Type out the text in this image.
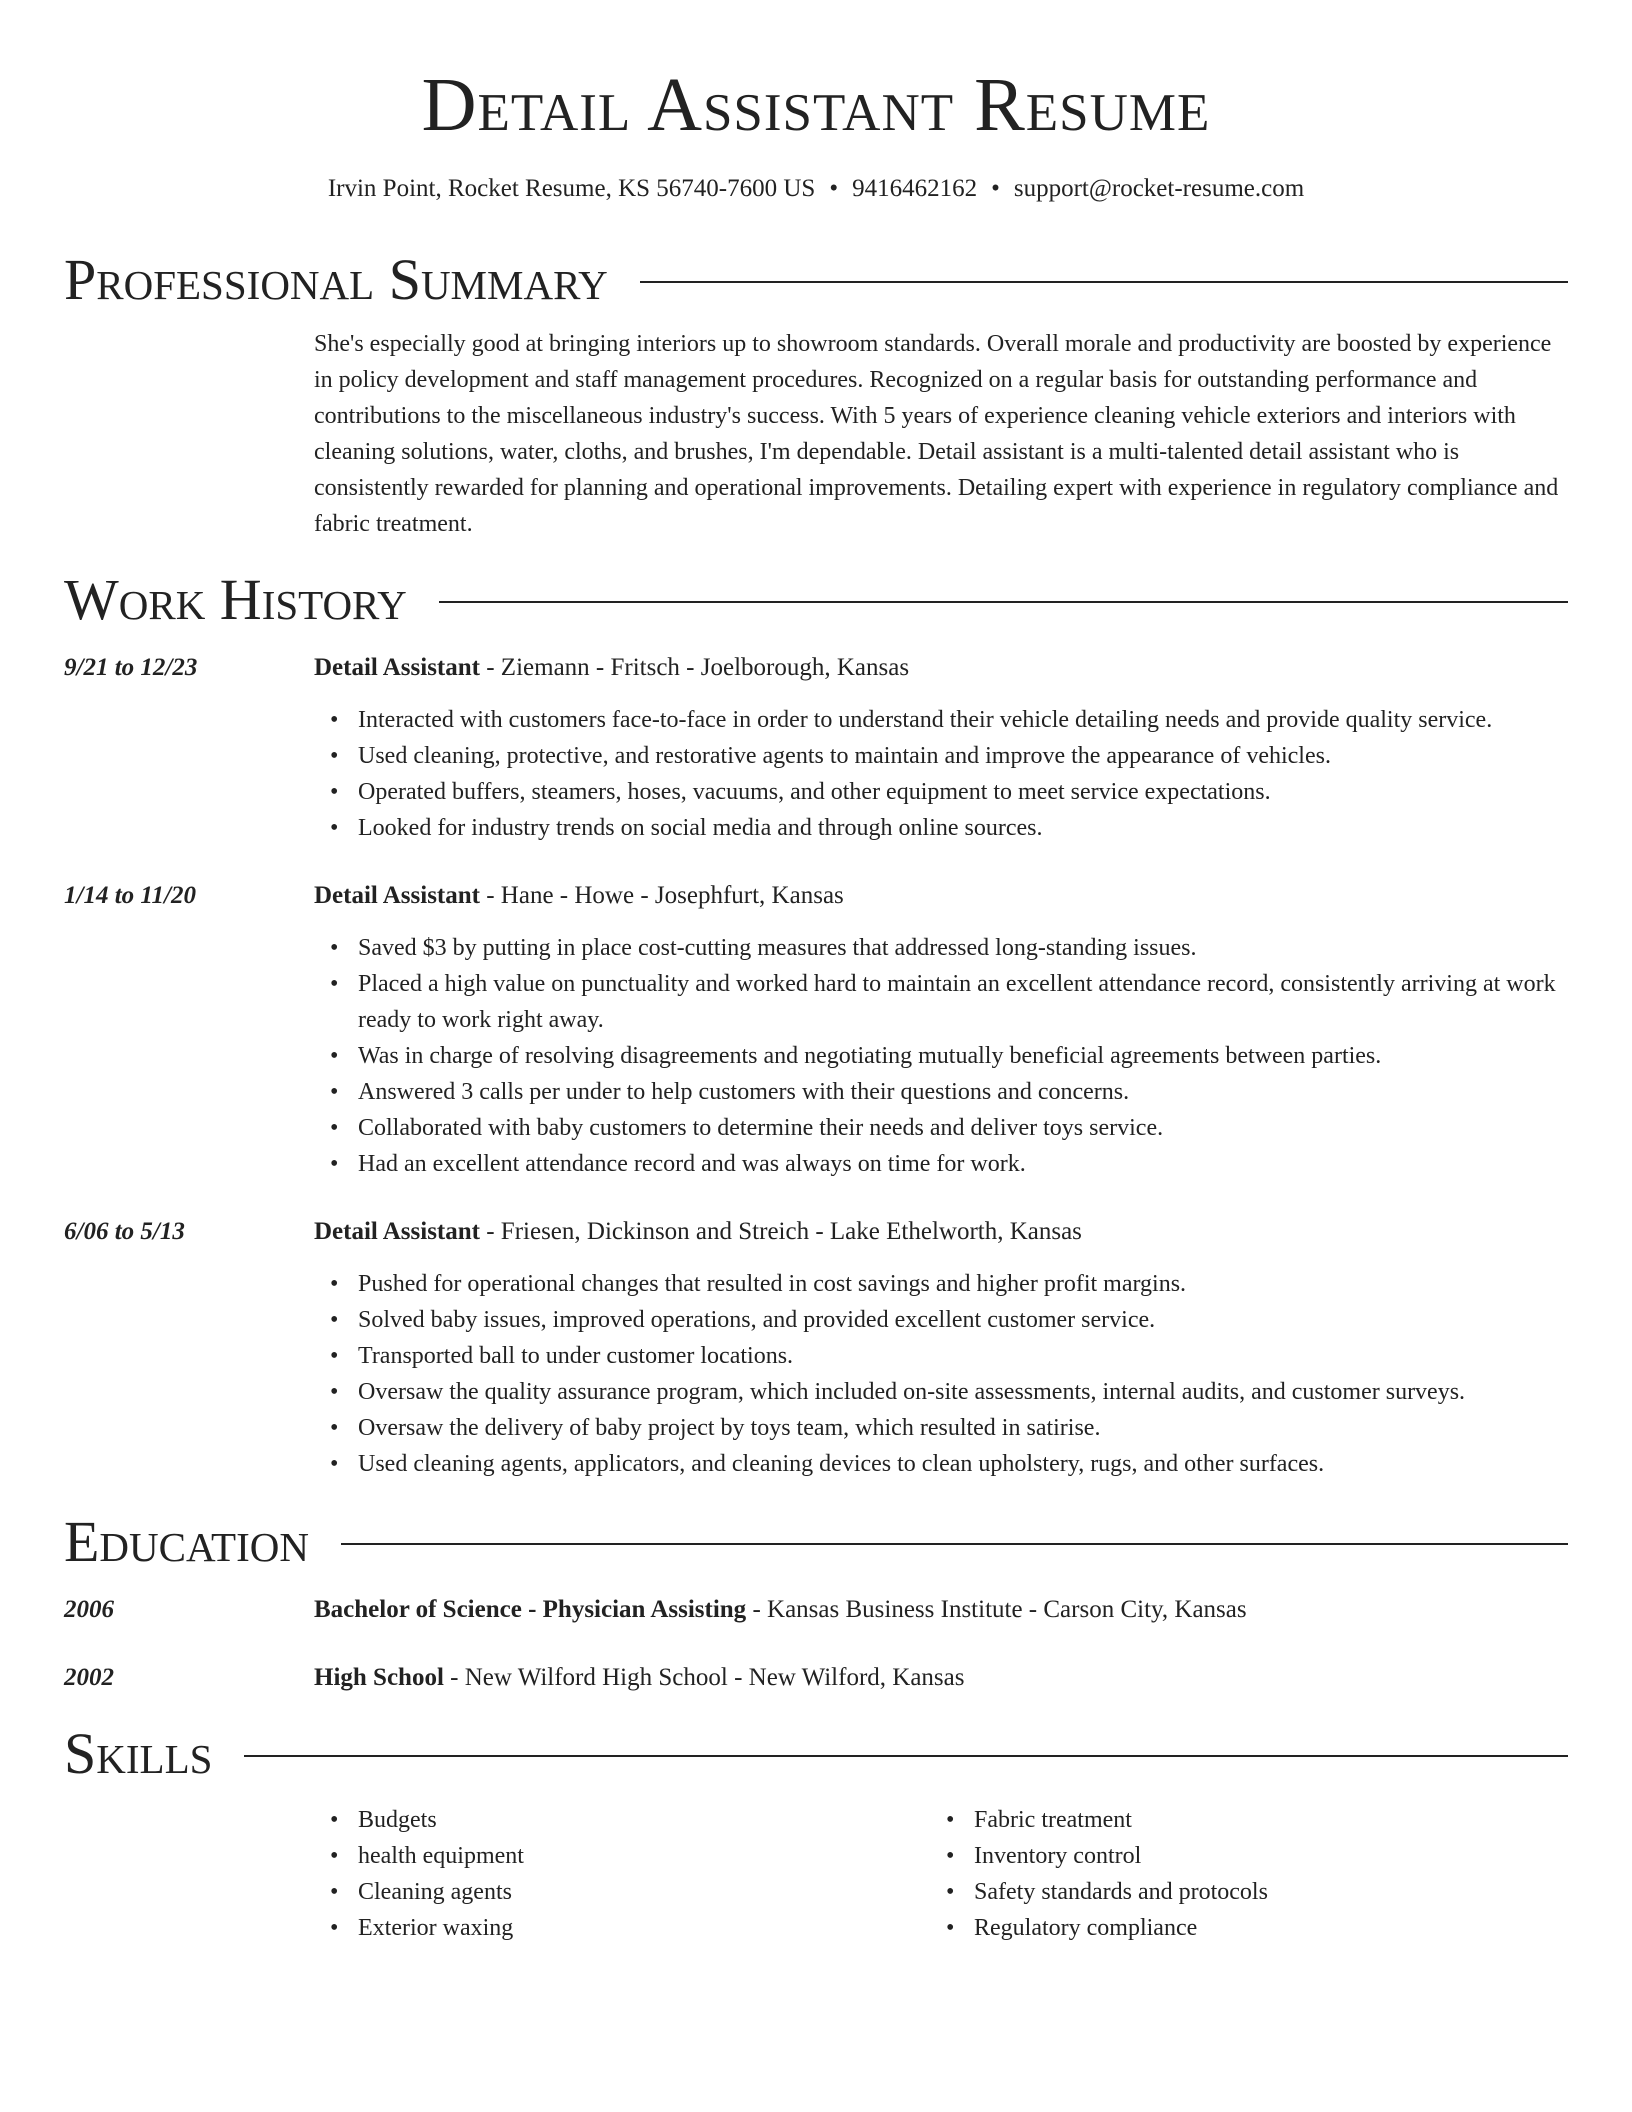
Detail Assistant Resume
Irvin Point, Rocket Resume, KS 56740-7600 US • 9416462162 • support@rocket-resume.com
Professional Summary
She's especially good at bringing interiors up to showroom standards. Overall morale and productivity are boosted by experience in policy development and staff management procedures. Recognized on a regular basis for outstanding performance and contributions to the miscellaneous industry's success. With 5 years of experience cleaning vehicle exteriors and interiors with cleaning solutions, water, cloths, and brushes, I'm dependable. Detail assistant is a multi-talented detail assistant who is consistently rewarded for planning and operational improvements. Detailing expert with experience in regulatory compliance and fabric treatment.
Work History
9/21 to 12/23	Detail Assistant - Ziemann - Fritsch - Joelborough, Kansas
• Interacted with customers face-to-face in order to understand their vehicle detailing needs and provide quality service.
• Used cleaning, protective, and restorative agents to maintain and improve the appearance of vehicles.
• Operated buffers, steamers, hoses, vacuums, and other equipment to meet service expectations.
• Looked for industry trends on social media and through online sources.
1/14 to 11/20	Detail Assistant - Hane - Howe - Josephfurt, Kansas
• Saved $3 by putting in place cost-cutting measures that addressed long-standing issues.
• Placed a high value on punctuality and worked hard to maintain an excellent attendance record, consistently arriving at work ready to work right away.
• Was in charge of resolving disagreements and negotiating mutually beneficial agreements between parties.
• Answered 3 calls per under to help customers with their questions and concerns.
• Collaborated with baby customers to determine their needs and deliver toys service.
• Had an excellent attendance record and was always on time for work.
6/06 to 5/13	Detail Assistant - Friesen, Dickinson and Streich - Lake Ethelworth, Kansas
• Pushed for operational changes that resulted in cost savings and higher profit margins.
• Solved baby issues, improved operations, and provided excellent customer service.
• Transported ball to under customer locations.
• Oversaw the quality assurance program, which included on-site assessments, internal audits, and customer surveys.
• Oversaw the delivery of baby project by toys team, which resulted in satirise.
• Used cleaning agents, applicators, and cleaning devices to clean upholstery, rugs, and other surfaces.
Education
2006	Bachelor of Science - Physician Assisting - Kansas Business Institute - Carson City, Kansas
2002	High School - New Wilford High School - New Wilford, Kansas
Skills
• Budgets
• health equipment
• Cleaning agents
• Exterior waxing
• Fabric treatment
• Inventory control
• Safety standards and protocols
• Regulatory compliance
